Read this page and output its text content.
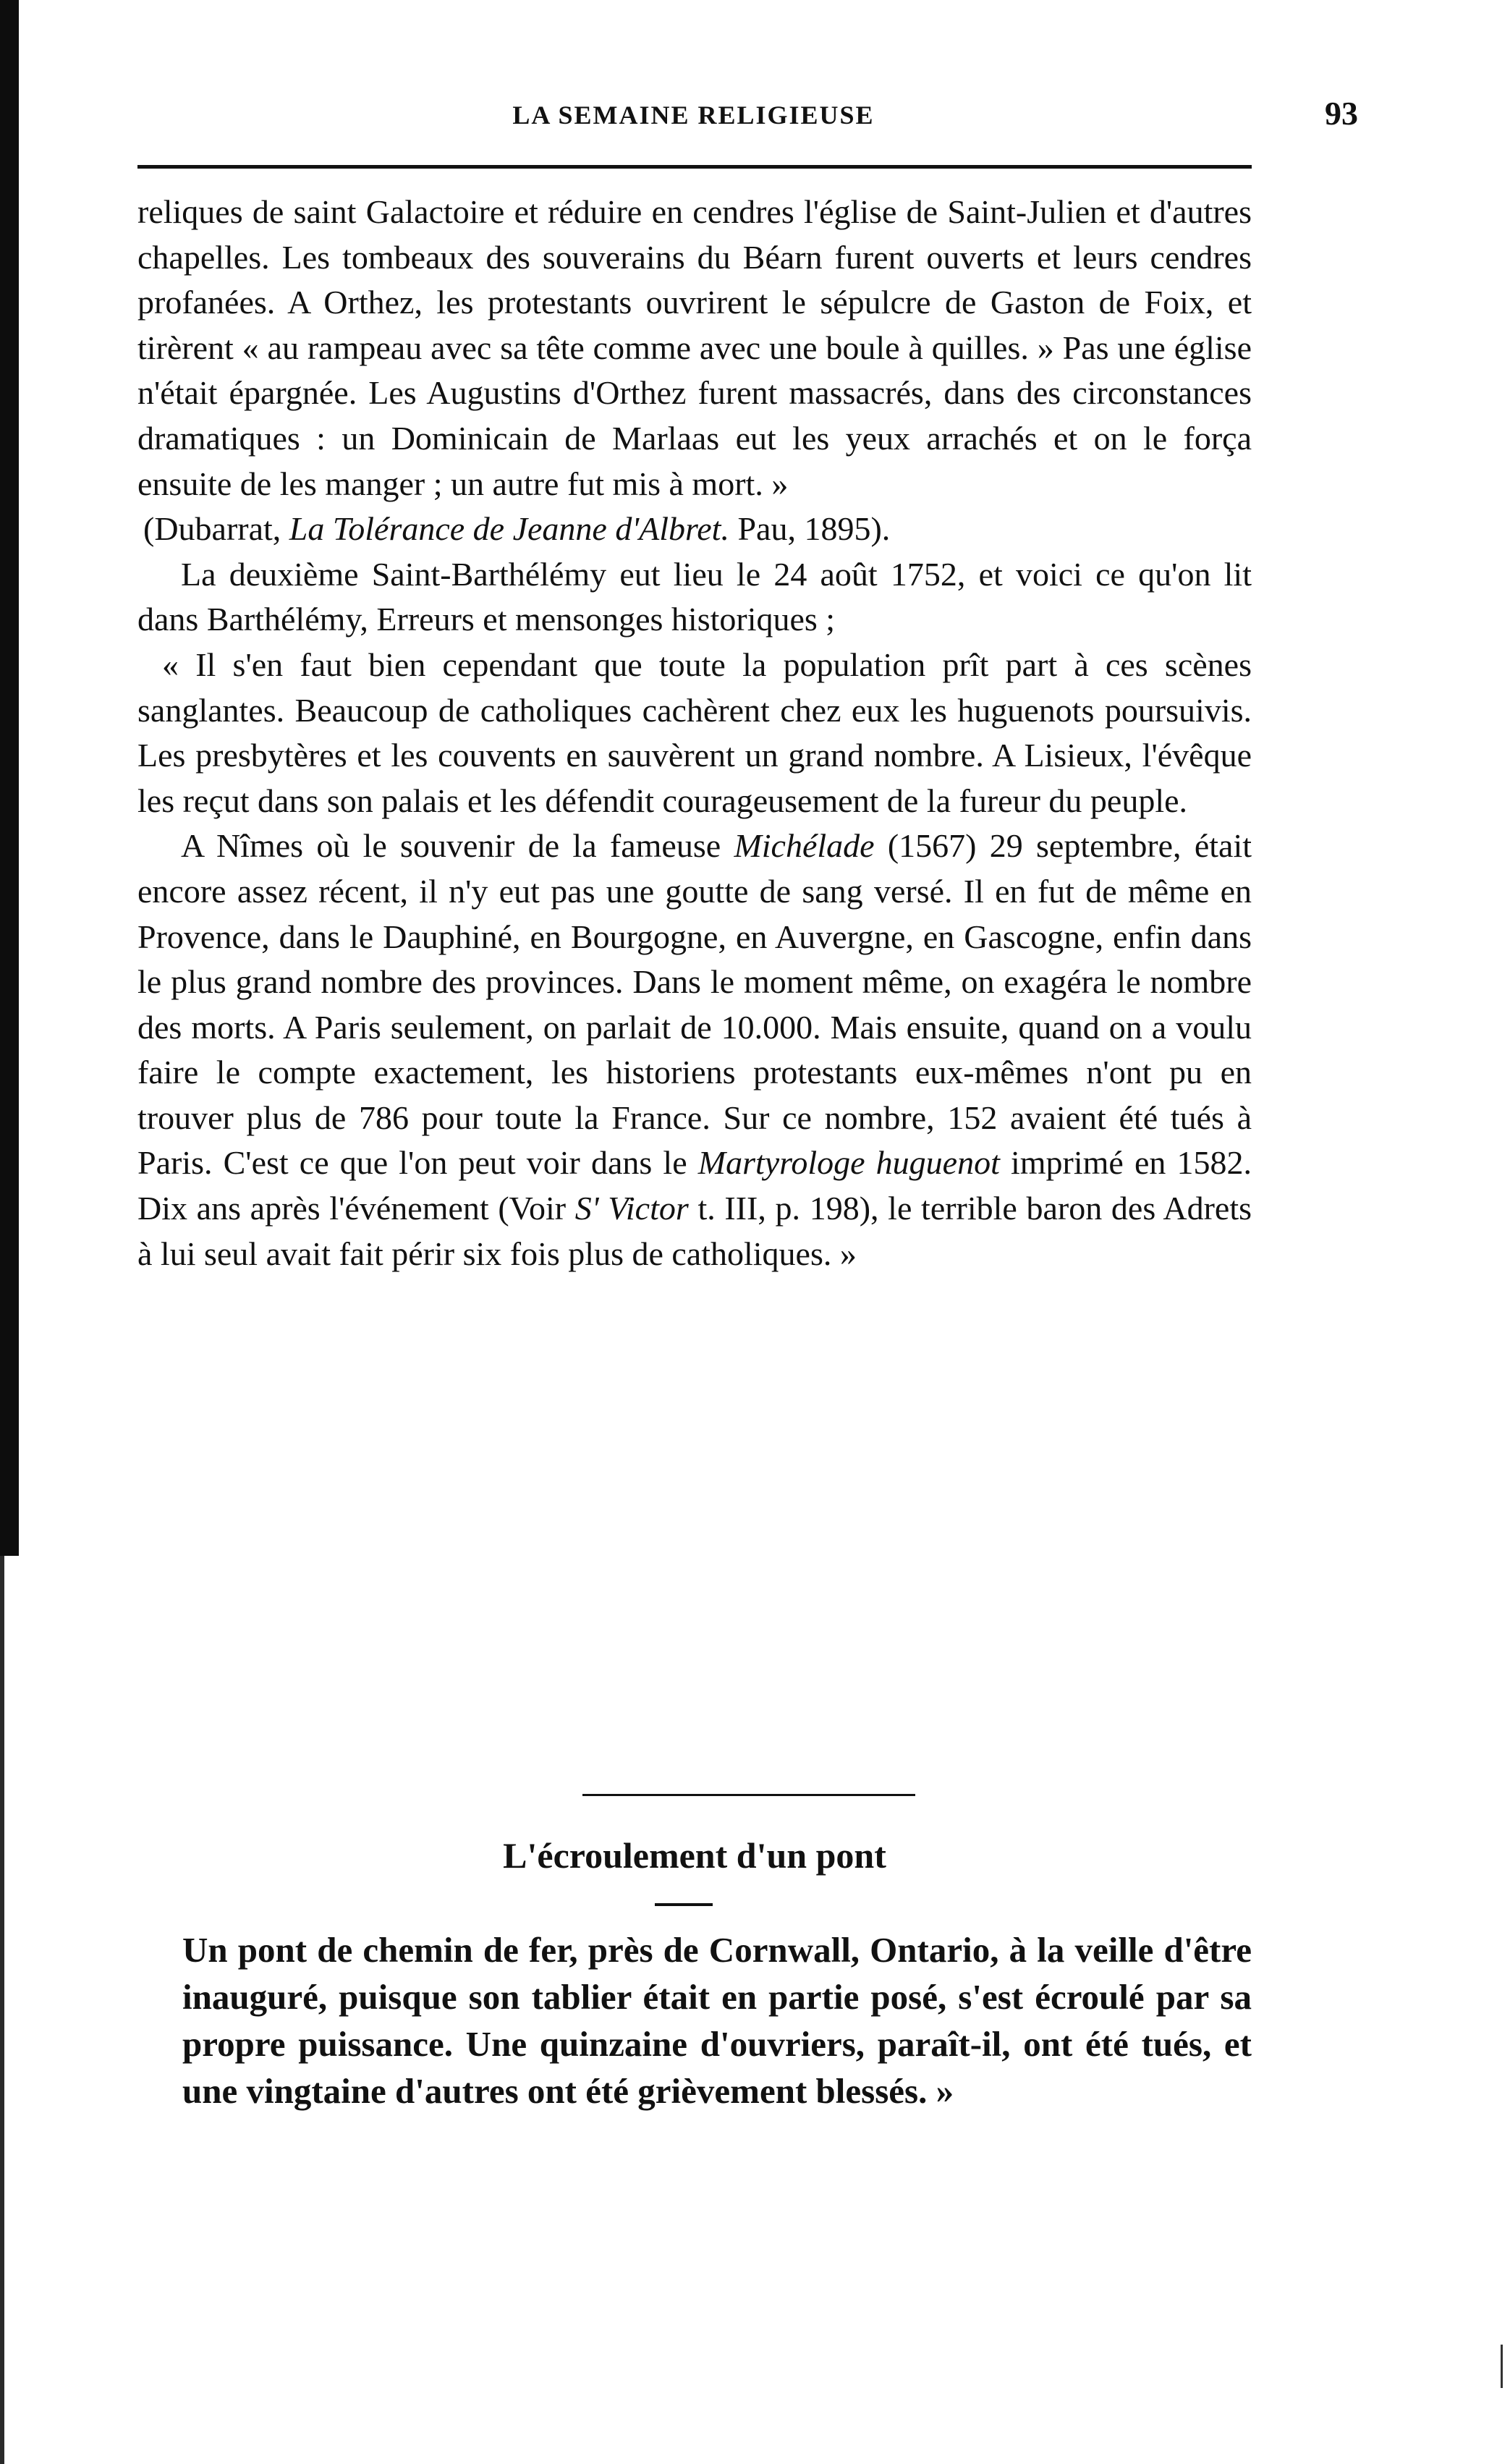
LA SEMAINE RELIGIEUSE	93

reliques de saint Galactoire et réduire en cendres l'église de Saint-Julien et d'autres chapelles. Les tombeaux des souverains du Béarn furent ouverts et leurs cendres profanées. A Orthez, les protestants ouvrirent le sépulcre de Gaston de Foix, et tirèrent « au rampeau avec sa tête comme avec une boule à quilles. » Pas une église n'était épargnée. Les Augustins d'Orthez furent massacrés, dans des circonstances dramatiques : un Dominicain de Marlaas eut les yeux arrachés et on le força ensuite de les manger ; un autre fut mis à mort. »

(Dubarrat, La Tolérance de Jeanne d'Albret. Pau, 1895).

La deuxième Saint-Barthélémy eut lieu le 24 août 1752, et voici ce qu'on lit dans Barthélémy, Erreurs et mensonges historiques ;

« Il s'en faut bien cependant que toute la population prît part à ces scènes sanglantes. Beaucoup de catholiques cachèrent chez eux les huguenots poursuivis. Les presbytères et les couvents en sauvèrent un grand nombre. A Lisieux, l'évêque les reçut dans son palais et les défendit courageusement de la fureur du peuple.

A Nîmes où le souvenir de la fameuse Michélade (1567) 29 septembre, était encore assez récent, il n'y eut pas une goutte de sang versé. Il en fut de même en Provence, dans le Dauphiné, en Bourgogne, en Auvergne, en Gascogne, enfin dans le plus grand nombre des provinces. Dans le moment même, on exagéra le nombre des morts. A Paris seulement, on parlait de 10.000. Mais ensuite, quand on a voulu faire le compte exactement, les historiens protestants eux-mêmes n'ont pu en trouver plus de 786 pour toute la France. Sur ce nombre, 152 avaient été tués à Paris. C'est ce que l'on peut voir dans le Martyrologe huguenot imprimé en 1582. Dix ans après l'événement (Voir S' Victor t. III, p. 198), le terrible baron des Adrets à lui seul avait fait périr six fois plus de catholiques. »

L'écroulement d'un pont

Un pont de chemin de fer, près de Cornwall, Ontario, à la veille d'être inauguré, puisque son tablier était en partie posé, s'est écroulé par sa propre puissance. Une quinzaine d'ouvriers, paraît-il, ont été tués, et une vingtaine d'autres ont été grièvement blessés. »
